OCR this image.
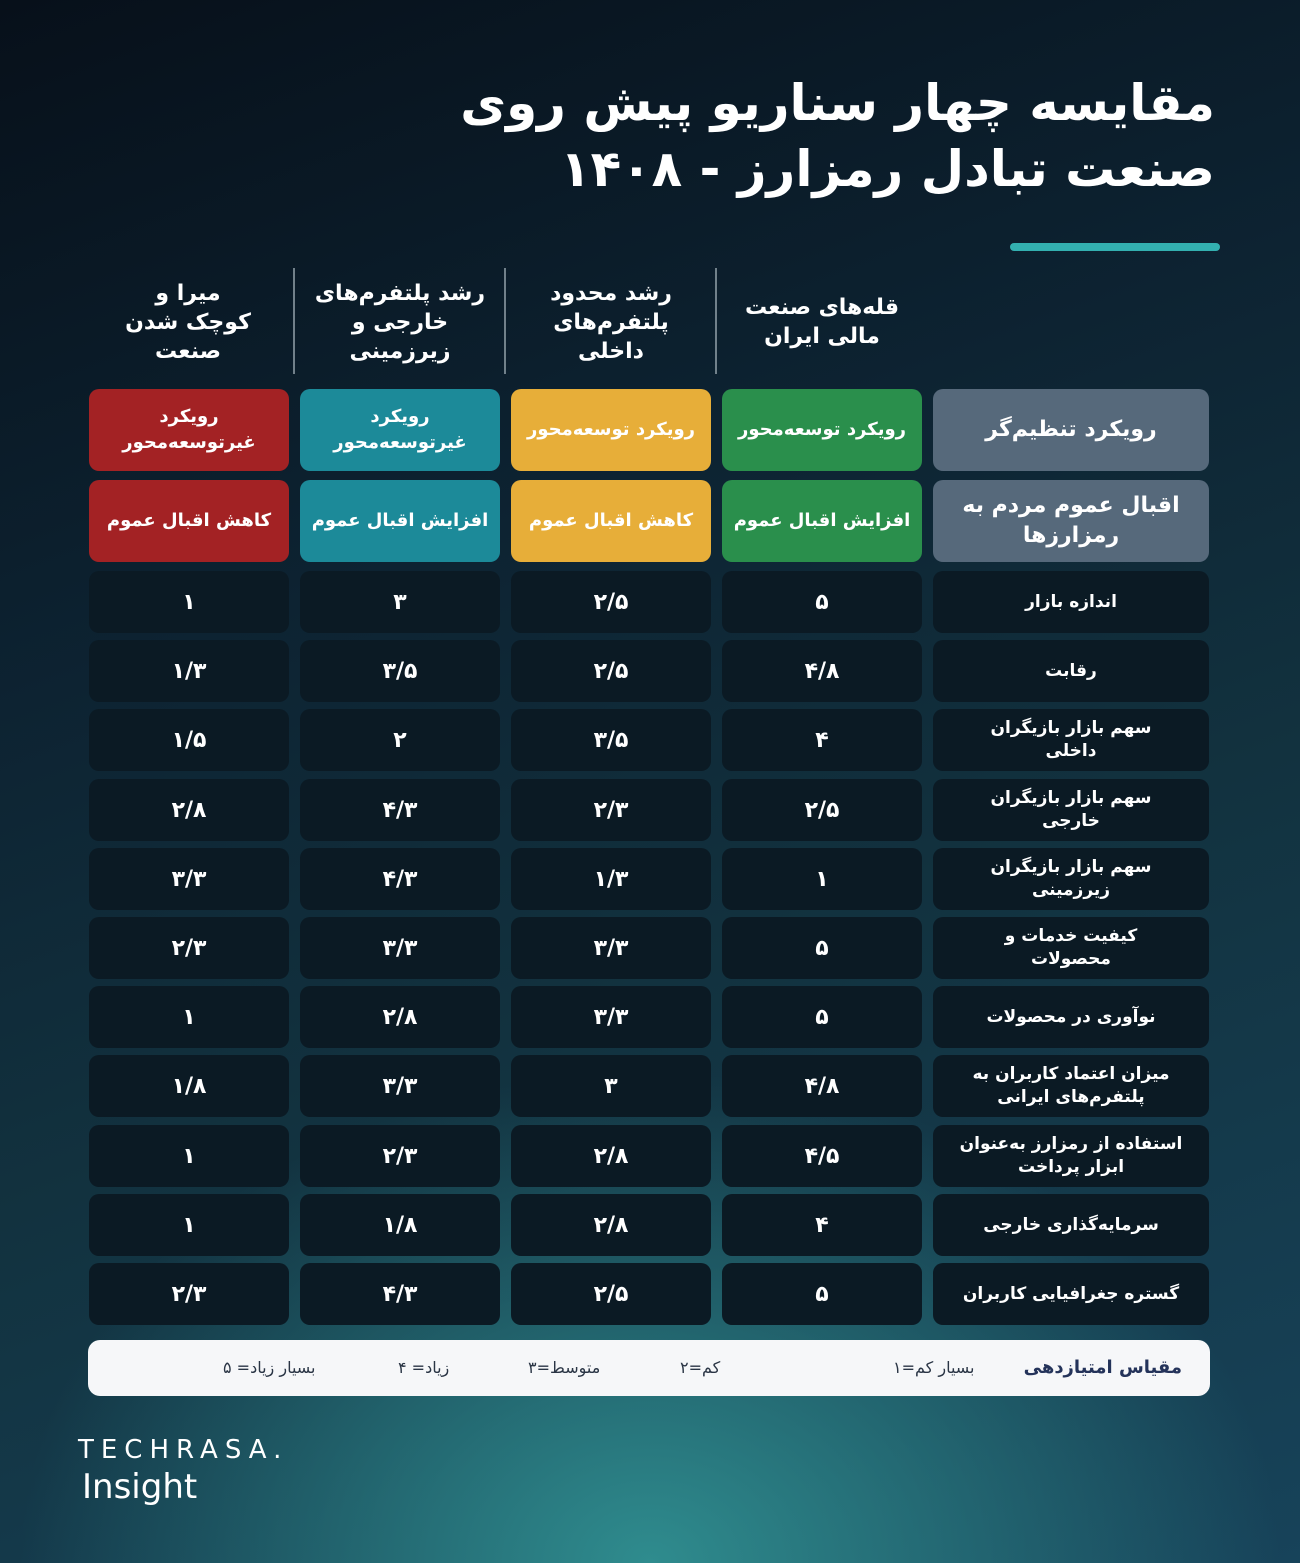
مقایسه چهار سناریو پیش روی
صنعت تبادل رمزارز - ۱۴۰۸
قله‌های صنعت
مالی ایران
رشد محدود
پلتفرم‌های
داخلی
رشد پلتفرم‌های
خارجی و
زیرزمینی
میرا و
کوچک شدن
صنعت
رویکرد تنظیم‌گر
اقبال عموم مردم به
رمزارزها
رویکرد توسعه‌محور
افزایش اقبال عموم
رویکرد توسعه‌محور
کاهش اقبال عموم
رویکرد
غیرتوسعه‌محور
افزایش اقبال عموم
رویکرد
غیرتوسعه‌محور
کاهش اقبال عموم
اندازه بازار
۵
۲/۵
۳
۱
رقابت
۴/۸
۲/۵
۳/۵
۱/۳
سهم بازار بازیگران
داخلی
۴
۳/۵
۲
۱/۵
سهم بازار بازیگران
خارجی
۲/۵
۲/۳
۴/۳
۲/۸
سهم بازار بازیگران
زیرزمینی
۱
۱/۳
۴/۳
۳/۳
کیفیت خدمات و
محصولات
۵
۳/۳
۳/۳
۲/۳
نوآوری در محصولات
۵
۳/۳
۲/۸
۱
میزان اعتماد کاربران به
پلتفرم‌های ایرانی
۴/۸
۳
۳/۳
۱/۸
استفاده از رمزارز به‌عنوان
ابزار پرداخت
۴/۵
۲/۸
۲/۳
۱
سرمایه‌گذاری خارجی
۴
۲/۸
۱/۸
۱
گستره جغرافیایی کاربران
۵
۲/۵
۴/۳
۲/۳
مقیاس امتیازدهی
بسیار کم=۱
کم=۲
متوسط=۳
زیاد= ۴
بسیار زیاد= ۵
TECHRASA.
Insight
